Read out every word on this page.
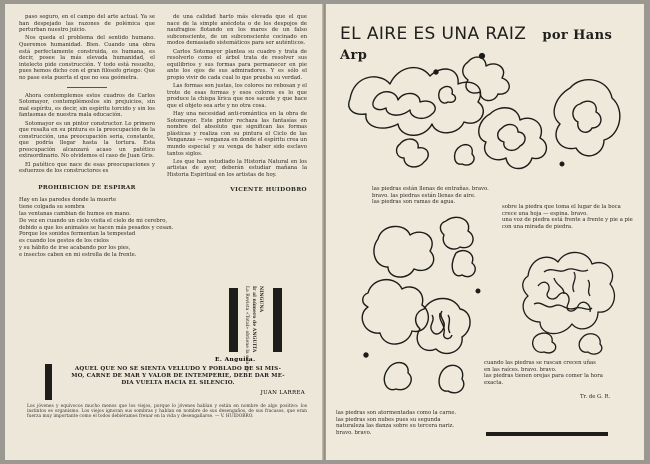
paso seguro, en el campo del arte actual. Ya se han despejado las razones de polémica que perturban nuestro juicio.

Nos queda el problema del sentido humano. Queremos humanidad. Bien. Cuando una obra está perfectamente construida, es humana, es decir, posee la más elevada humanidad, el intelecto pide construcción. Y todo está resuelto, pues hemos dicho con el gran filósofo griego: Que no pase esta puerta el que no sea geómetra.

Ahora contemplemos estos cuadros de Carlos Sotomayor, contemplémoslos sin prejuicios, sin mal espíritu, es decir, sin espíritu torcido y sin los fantasmas de nuestra mala educación.

Sotomayor es un pintor constructor. Lo primero que resalta en su pintura es la preocupación de la construcción, una preocupación seria, constante, que podría llegar hasta la tortura. Esta preocupación alcanzará acaso un patético extraordinario. No olvidemos el caso de Juan Gris.

El patético que nace de esas preocupaciones y esfuerzos de los constructores es

PROHIBICION DE ESPIRAR
Hay en las paredes donde la muerte
tiene colgada su sombra
las ventanas cambian de humos en mano.
De vez en cuando un cielo visita el cielo de mi cerebro,
debido a que los animales se hacen más pesados y cesan.
Porque los sonidos fermentan la tempestad
es cuando los gestos de los cielos
y su hábito de irse acabando por los pies,
e insectos caben en mi estrella de la frente.

de una calidad harto más elevada que el que nace de la simple anécdota o de los despojos de naufragios flotando en los mares de un falso subconsciente, de un subconsciente cocinado en modos demasiado sistemáticos para ser auténticos.

Carlos Sotomayor plantea su cuadro y trata de resolverlo como el árbol trata de resolver sus equilibrios y sus formas para permanecer en pie ante los ojos de sus admiradores. Y es sólo el propio vivir de cada cual lo que prueba su verdad.

Las formas son justas, los colores no rebosan y el trote de esas formas y esos colores es lo que produce la chispa lírica que nos sacude y que hace que el objeto sea arte y no otra cosa.

Hay una necesidad anti-romántica en la obra de Sotomayor. Este pintor rechaza las fantasías en nombre del absoluto que significan las formas plásticas y realiza con su pintura el Ciclo de las Venganzas — venganza en donde el espíritu crea un mundo especial y su venga de haber sido esclavo tantos siglos.

Los que han estudiado la Historia Natural en los artistas de ayer, deberán estudiar mañana la Historia Espiritual en los artistas de hoy.

VICENTE HUIDOBRO
La Revista «Total» obtiene la sala de Ir al número de ANGUITA NINGUNA
E. Anguita.
AQUEL QUE NO SE SIENTA VELLUDO Y POBLADO DE SI MIS-
MO, CARNE DE MAR Y VALOR DE INTEMPERIE, DEBE DAR ME-
DIA VUELTA HACIA EL SILENCIO.
JUAN LARREA
Los jóvenes y equívocos mucho menos que los viejos, porque lo jóvenes hablan y están en nombre de algo positivo: los instintos es organismo. Los viejos ignoran sus sombras y hablan en nombre de sus desengaños, de sus fracasos, que eran fuerza muy importante como el todos debiéramos frenar en la vida y desengañarse. — V. HUIDOBRO.
EL AIRE ES UNA RAIZ por Hans Arp
las piedras están llenas de entrañas. bravo.
bravo. las piedras están llenas de aire.
las piedras son ramas de agua.
sobre la piedra que toma el lugar de la boca
crece una hoja — espina. bravo.
una voz de piedra está frente a frente y pie a pie
con una mirada de piedra.
cuando las piedras se rascan crecen uñas
en las raíces. bravo. bravo.
las piedras tienen orejas para comer la hora
exacta.
Tr. de G. R.
las piedras son atormentadas como la carne.
las piedras son nubes pues su segunda
naturaleza las danza sobre su tercera nariz.
bravo. bravo.
